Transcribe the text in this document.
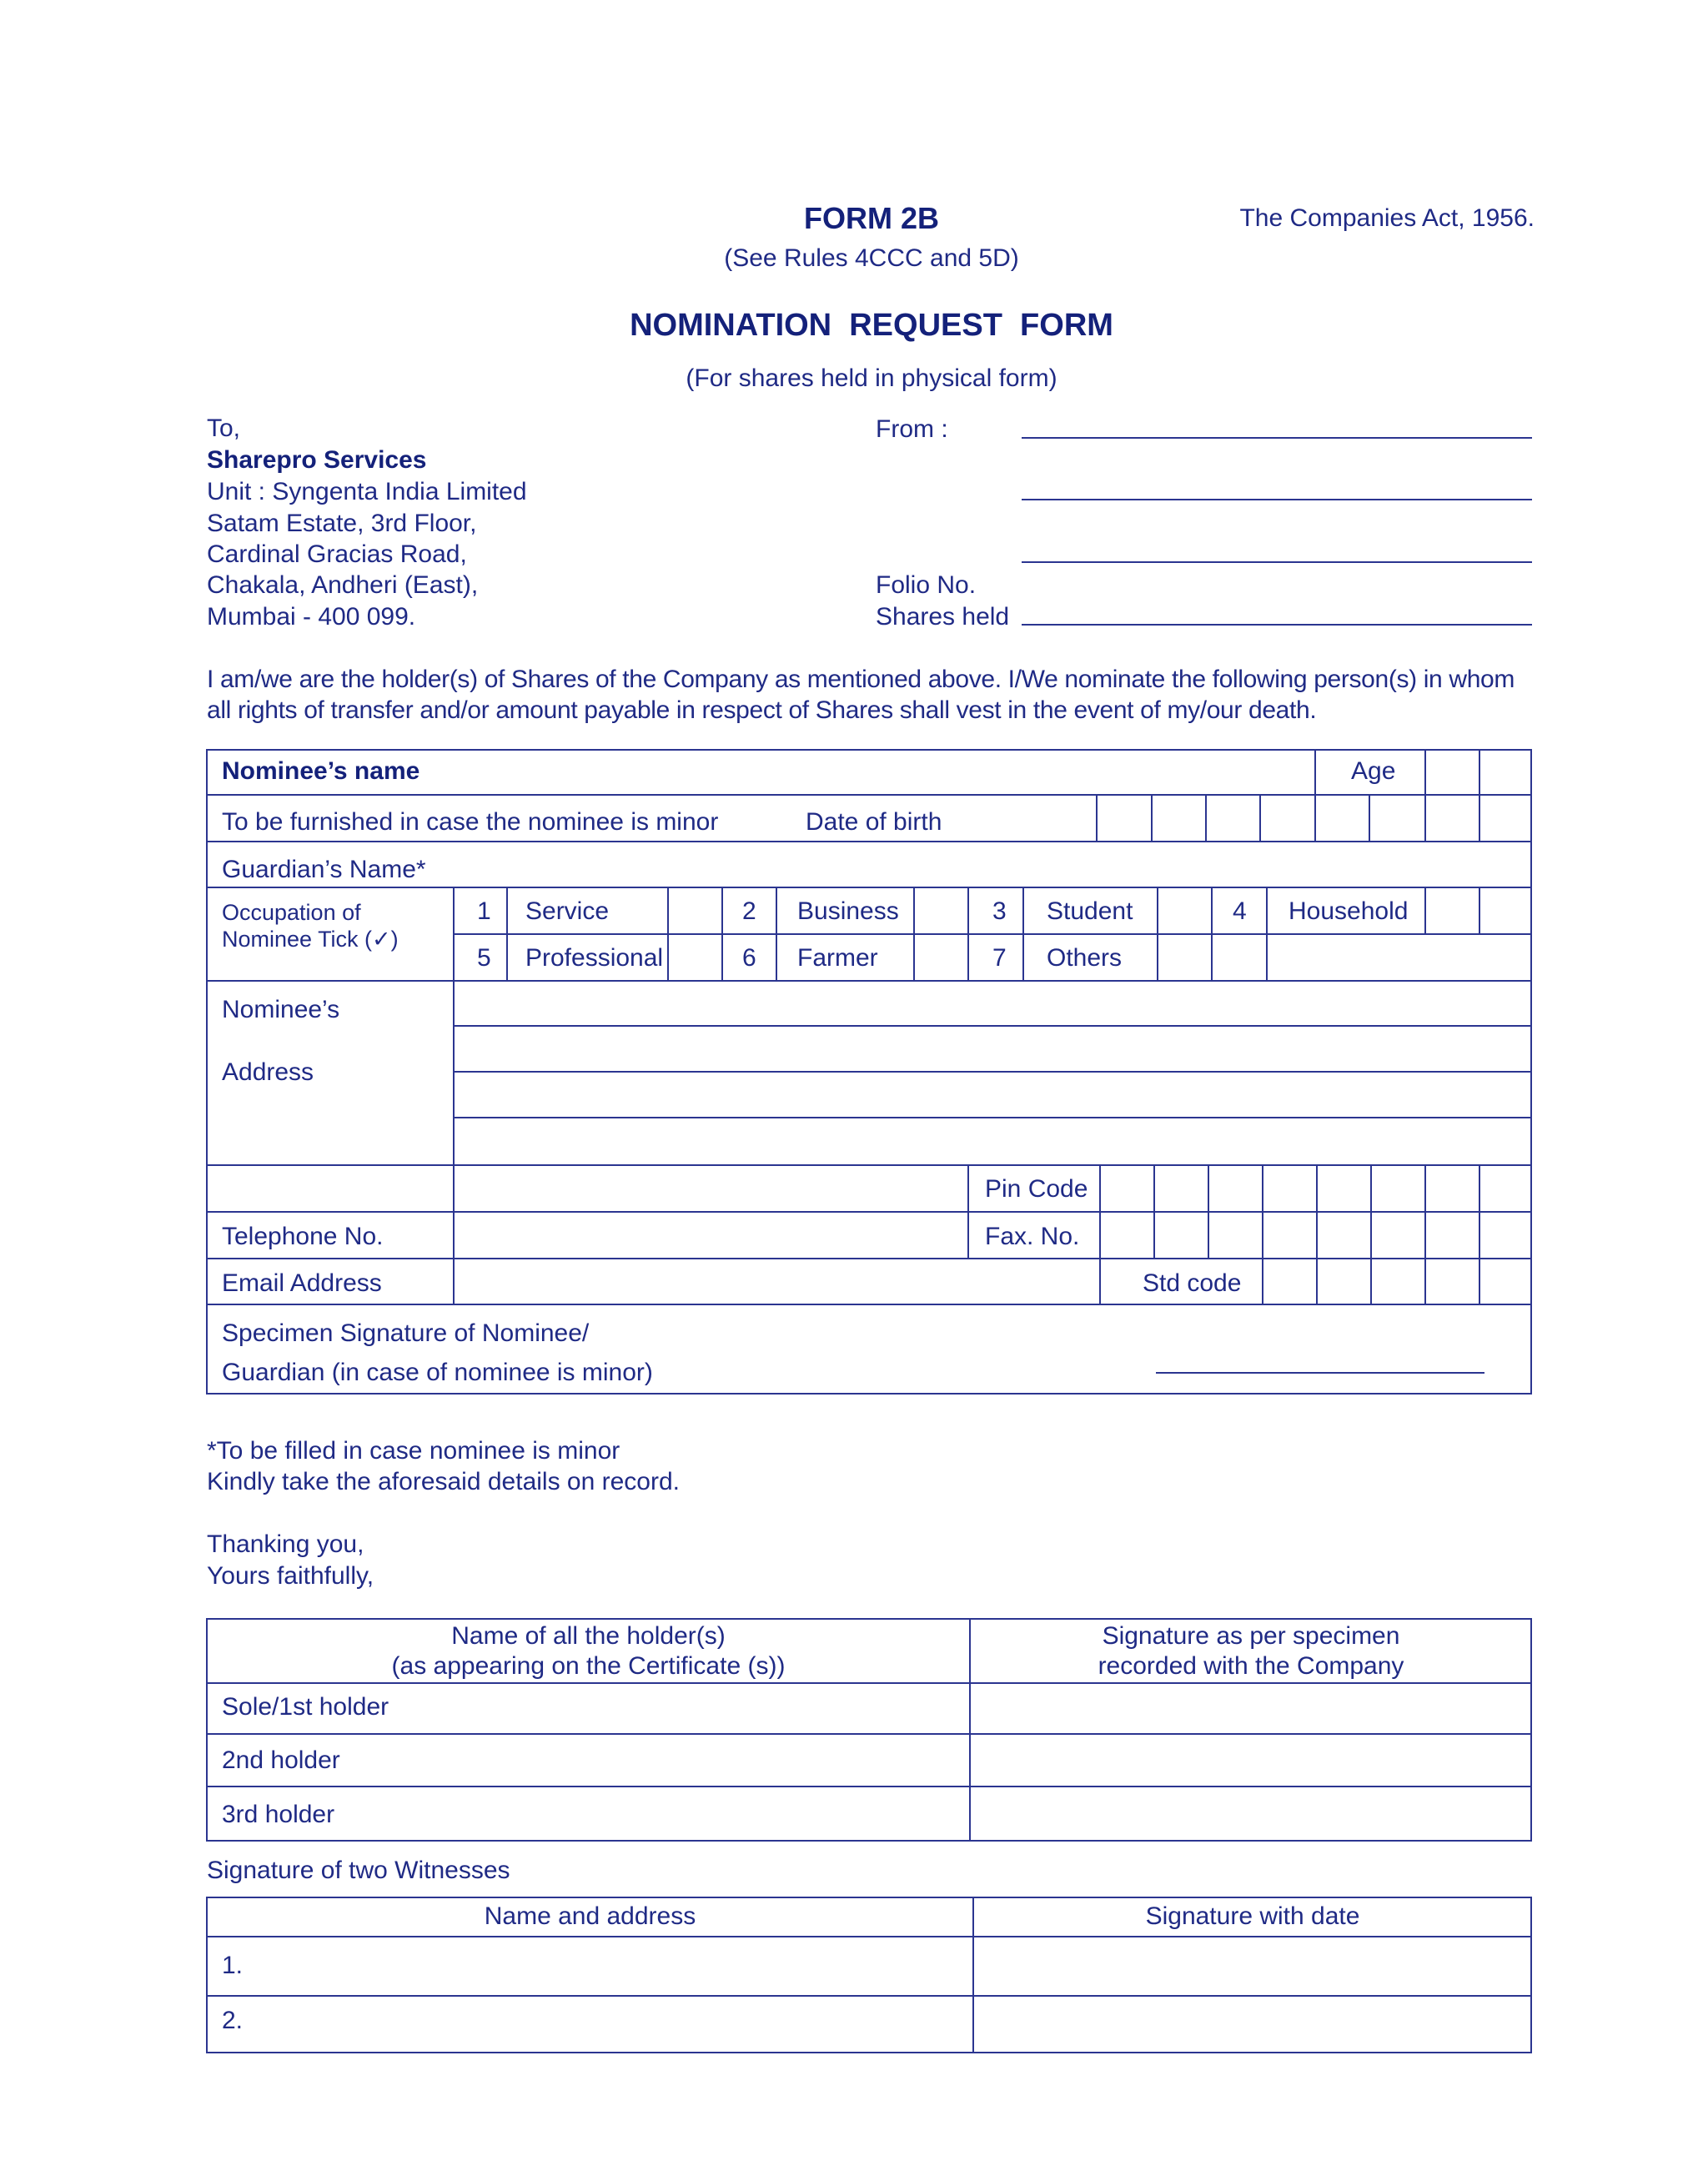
FORM 2B	The Companies Act, 1956.
(See Rules 4CCC and 5D)
NOMINATION  REQUEST  FORM
(For shares held in physical form)
To,
Sharepro Services
Unit : Syngenta India Limited
Satam Estate, 3rd Floor,
Cardinal Gracias Road,
Chakala, Andheri (East),
Mumbai - 400 099.
From :
Folio No.
Shares held
I am/we are the holder(s) of Shares of the Company as mentioned above. I/We nominate the following person(s) in whom
all rights of transfer and/or amount payable in respect of Shares shall vest in the event of my/our death.
Nominee’s name	Age
To be furnished in case the nominee is minor	Date of birth
Guardian’s Name*
Occupation of
Nominee Tick (✓)
1 Service	2 Business	3 Student	4 Household
5 Professional	6 Farmer	7 Others
Nominee’s
Address
Pin Code
Telephone No.	Fax. No.
Email Address	Std code
Specimen Signature of Nominee/
Guardian (in case of nominee is minor)
*To be filled in case nominee is minor
Kindly take the aforesaid details on record.
Thanking you,
Yours faithfully,
Name of all the holder(s)
(as appearing on the Certificate (s))
Signature as per specimen
recorded with the Company
Sole/1st holder
2nd holder
3rd holder
Signature of two Witnesses
Name and address	Signature with date
1.
2.
